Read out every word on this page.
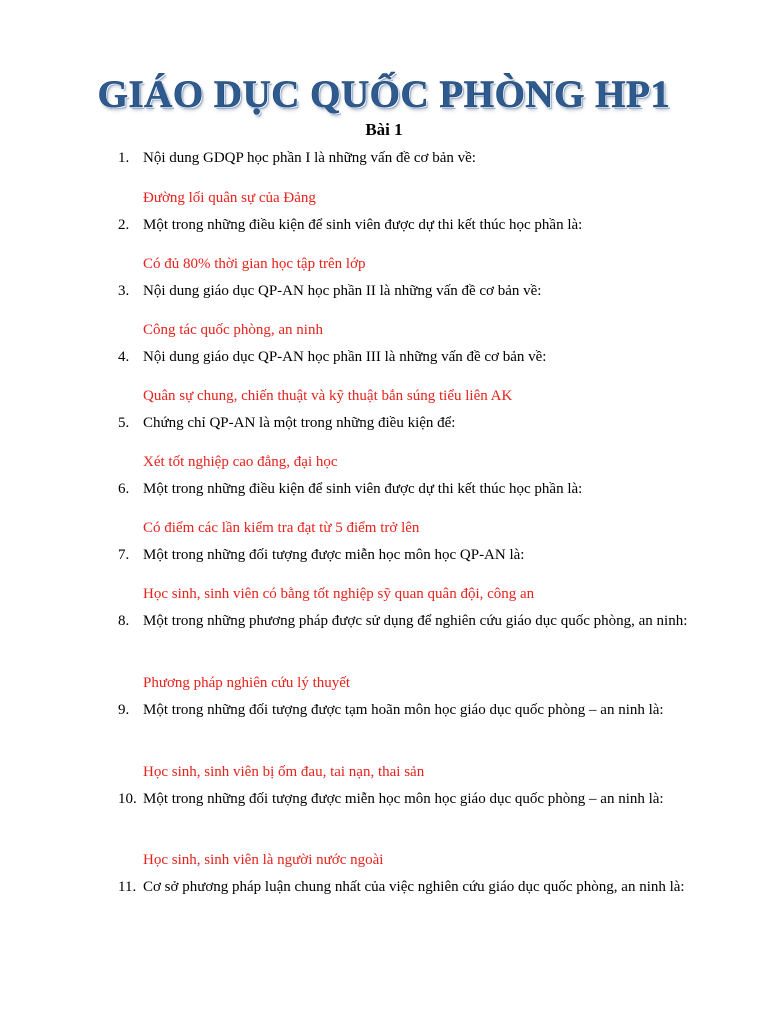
GIÁO DỤC QUỐC PHÒNG HP1
Bài 1
1. Nội dung GDQP học phần I là những vấn đề cơ bản về:
Đường lối quân sự của Đảng
2. Một trong những điều kiện để sinh viên được dự thi kết thúc học phần là:
Có đủ 80% thời gian học tập trên lớp
3. Nội dung giáo dục QP-AN học phần II là những vấn đề cơ bản về:
Công tác quốc phòng, an ninh
4. Nội dung giáo dục QP-AN học phần III là những vấn đề cơ bản về:
Quân sự chung, chiến thuật và kỹ thuật bắn súng tiểu liên AK
5. Chứng chỉ QP-AN là một trong những điều kiện để:
Xét tốt nghiệp cao đẳng, đại học
6. Một trong những điều kiện để sinh viên được dự thi kết thúc học phần là:
Có điểm các lần kiểm tra đạt từ 5 điểm trở lên
7. Một trong những đối tượng được miễn học môn học QP-AN là:
Học sinh, sinh viên có bằng tốt nghiệp sỹ quan quân đội, công an
8. Một trong những phương pháp được sử dụng để nghiên cứu giáo dục quốc phòng, an ninh:
Phương pháp nghiên cứu lý thuyết
9. Một trong những đối tượng được tạm hoãn môn học giáo dục quốc phòng – an ninh là:
Học sinh, sinh viên bị ốm đau, tai nạn, thai sản
10. Một trong những đối tượng được miễn học môn học giáo dục quốc phòng – an ninh là:
Học sinh, sinh viên là người nước ngoài
11. Cơ sở phương pháp luận chung nhất của việc nghiên cứu giáo dục quốc phòng, an ninh là:
